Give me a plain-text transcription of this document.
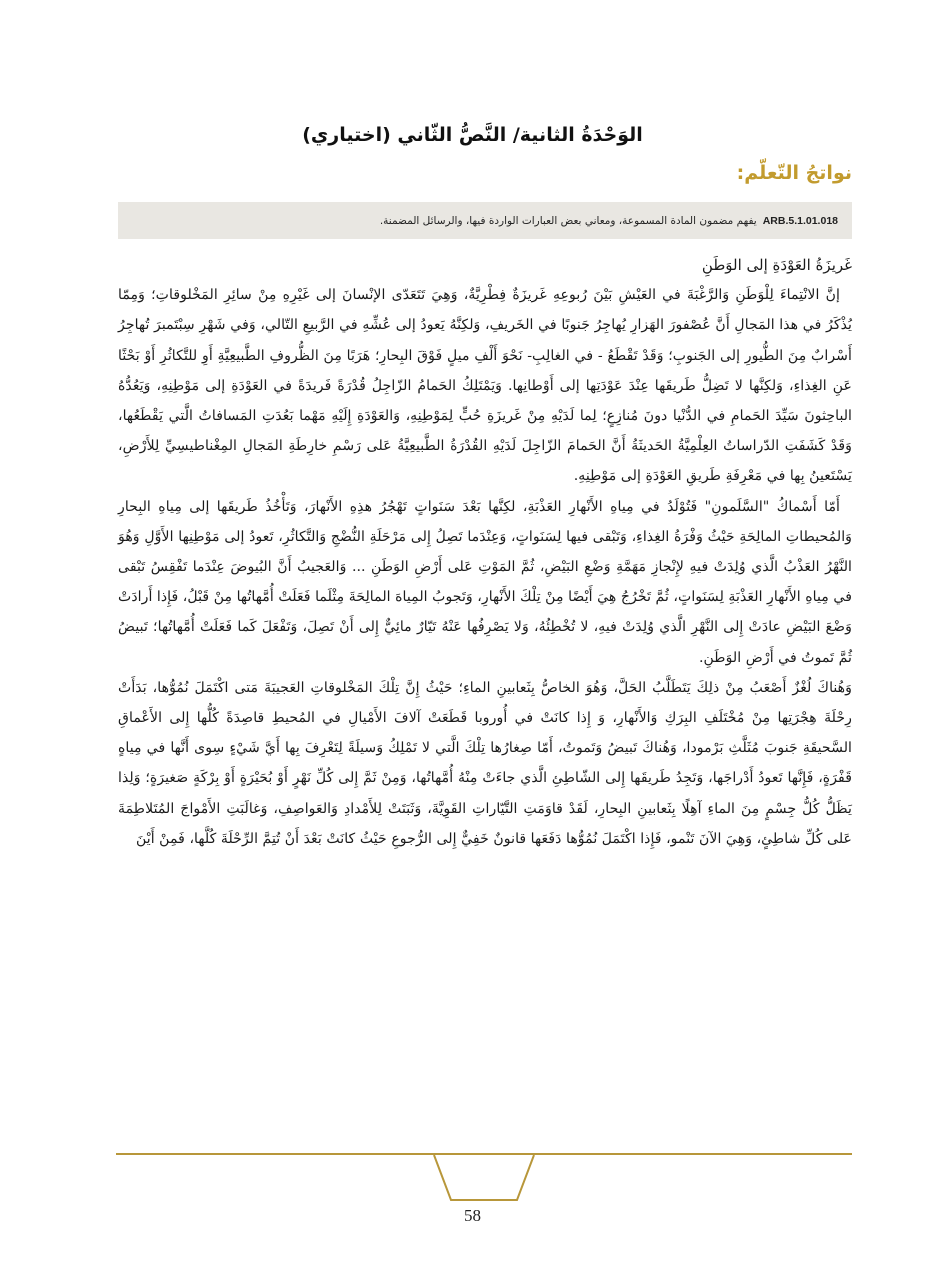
الوَحْدَةُ الثانية/ النَّصُّ الثّاني (اختياري)
نواتجُ التّعلّم:
ARB.5.1.01.018
يفهم مضمون المادة المسموعة، ومعاني بعض العبارات الواردة فيها، والرسائل المضمنة.

غَريزَةُ العَوْدَةِ إلى الوَطَنِ

إنَّ الانْتِماءَ لِلْوَطَنِ وَالرَّغْبَةَ في العَيْشِ بَيْنَ رُبوعِهِ غَريزَةٌ فِطْرِيَّةٌ، وَهِيَ تَتَعَدّى الإنْسانَ إلى غَيْرِهِ مِنْ سائِرِ المَخْلوقاتِ؛ وَمِمّا يُذْكَرُ في هذا المَجالِ أَنَّ عُصْفورَ الهَزارِ يُهاجِرُ جَنوبًا في الخَريفِ، وَلكِنَّهُ يَعودُ إلى عُشِّهِ في الرَّبيعِ التّالي، وَفي شَهْرِ سِبْتَمبرَ تُهاجِرُ أَسْرابٌ مِنَ الطُّيورِ إلى الجَنوبِ؛ وَقَدْ تَقْطَعُ - في الغالِبِ- نَحْوَ أَلْفِ ميلٍ فَوْقَ البِحارِ؛ هَرَبًا مِنَ الظُّروفِ الطَّبيعِيَّةِ أَوِ للتَّكاثُرِ أَوْ بَحْثًا عَنِ الغِذاءِ، وَلكِنَّها لا تَضِلُّ طَريقَها عِنْدَ عَوْدَتِها إلى أَوْطانِها. وَيَمْتَلِكُ الحَمامُ الزّاجِلُ قُدْرَةً فَريدَةً في العَوْدَةِ إلى مَوْطِنِهِ، وَيَعُدُّهُ الباحِثونَ سَيِّدَ الحَمامِ في الدُّنْيا دونَ مُنازِعٍ؛ لِما لَدَيْهِ مِنْ غَريزَةِ حُبٍّ لِمَوْطِنِهِ، وَالعَوْدَةِ إِلَيْهِ مَهْما بَعُدَتِ المَسافاتُ الَّتي يَقْطَعُها، وَقَدْ كَشَفَتِ الدّراساتُ العِلْمِيَّةُ الحَديثَةُ أَنَّ الحَمامَ الزّاجِلَ لَدَيْهِ القُدْرَةُ الطَّبيعِيَّةُ عَلى رَسْمِ خارِطَةِ المَجالِ المِغْناطيسِيِّ لِلأَرْضِ، يَسْتَعينُ بِها في مَعْرِفَةِ طَريقِ العَوْدَةِ إلى مَوْطِنِهِ.

أَمّا أَسْماكُ "السَّلَمونِ" فَتُوْلَدُ في مِياهِ الأَنْهارِ العَذْبَةِ، لكِنَّها بَعْدَ سَنَواتٍ تَهْجُرُ هذِهِ الأَنْهارَ، وَتَأْخُذُ طَريقَها إلى مِياهِ البِحارِ وَالمُحيطاتِ المالِحَةِ حَيْثُ وَفْرَةُ الغِذاءِ، وَتَبْقى فيها لِسَنَواتٍ، وَعِنْدَما تَصِلُ إِلى مَرْحَلَةِ النُّضْجِ وَالتَّكاثُرِ، تَعودُ إلى مَوْطِنِها الأَوَّلِ وَهُوَ النَّهْرُ العَذْبُ الَّذي وُلِدَتْ فيهِ لإِنْجازِ مَهَمَّةِ وَضْعِ البَيْضِ، ثُمَّ المَوْتِ عَلى أَرْضِ الوَطَنِ ... وَالعَجيبُ أَنَّ البُيوضَ عِنْدَما تَفْقِسُ تَبْقى في مِياهِ الأَنْهارِ العَذْبَةِ لِسَنَواتٍ، ثُمَّ تَخْرُجُ هِيَ أَيْضًا مِنْ تِلْكَ الأَنْهارِ، وَتَجوبُ المِياهَ المالِحَةَ مِثْلَما فَعَلَتْ أُمَّهاتُها مِنْ قَبْلُ، فَإِذا أَرادَتْ وَضْعَ البَيْضِ عادَتْ إِلى النَّهْرِ الَّذي وُلِدَتْ فيهِ، لا تُخْطِئُهُ، وَلا يَصْرِفُها عَنْهُ تَيّارٌ مائِيٌّ إِلى أَنْ تَصِلَ، وَتَفْعَلَ كَما فَعَلَتْ أُمَّهاتُها؛ تَبيضُ ثُمَّ تَموتُ في أَرْضِ الوَطَنِ.

وَهُناكَ لُغْزٌ أَصْعَبُ مِنْ ذلِكَ يَتَطَلَّبُ الحَلَّ، وَهُوَ الخاصُّ بِثَعابينِ الماءِ؛ حَيْثُ إِنَّ تِلْكَ المَخْلوقاتِ العَجيبَةَ مَتى اكْتَمَلَ نُمُوُّها، بَدَأَتْ رِحْلَةَ هِجْرَتِها مِنْ مُخْتَلَفِ البِرَكِ وَالأَنْهارِ، وَ إِذا كانَتْ في أُوروبا قَطَعَتْ آلافَ الأَمْيالِ في المُحيطِ قاصِدَةً كُلُّها إِلى الأَعْماقِ السَّحيقَةِ جَنوبَ مُثَلَّثِ بَرْمودا، وَهُناكَ تَبيضُ وَتَموتُ، أَمّا صِغارُها تِلْكَ الَّتي لا تَمْلِكُ وَسيلَةً لِتَعْرِفَ بِها أَيَّ شَيْءٍ سِوى أَنَّها في مِياهٍ قَفْرَةٍ، فَإِنَّها تَعودُ أَدْراجَها، وَتَجِدُ طَريقَها إِلى الشّاطِئِ الَّذي جاءَتْ مِنْهُ أُمَّهاتُها، وَمِنْ ثَمَّ إِلى كُلِّ نَهْرٍ أَوْ بُحَيْرَةٍ أَوْ بِرْكَةٍ صَغيرَةٍ؛ وَلِذا يَظَلُّ كُلُّ جِسْمٍ مِنَ الماءِ آهِلًا بِثَعابينِ البِحارِ، لَقَدْ قاوَمَتِ التَّيّاراتِ القَوِيَّةَ، وَثَبَتَتْ لِلأَمْدادِ وَالعَواصِفِ، وَغالَبَتِ الأَمْواجَ المُتَلاطِمَةَ عَلى كُلِّ شاطِئٍ، وَهِيَ الآنَ تَنْمو، فَإِذا اكْتَمَلَ نُمُوُّها دَفَعَها قانونٌ خَفِيٌّ إِلى الرُّجوعِ حَيْثُ كانَتْ بَعْدَ أَنْ تُتِمَّ الرِّحْلَةَ كُلَّها، فَمِنْ أَيْنَ

58
